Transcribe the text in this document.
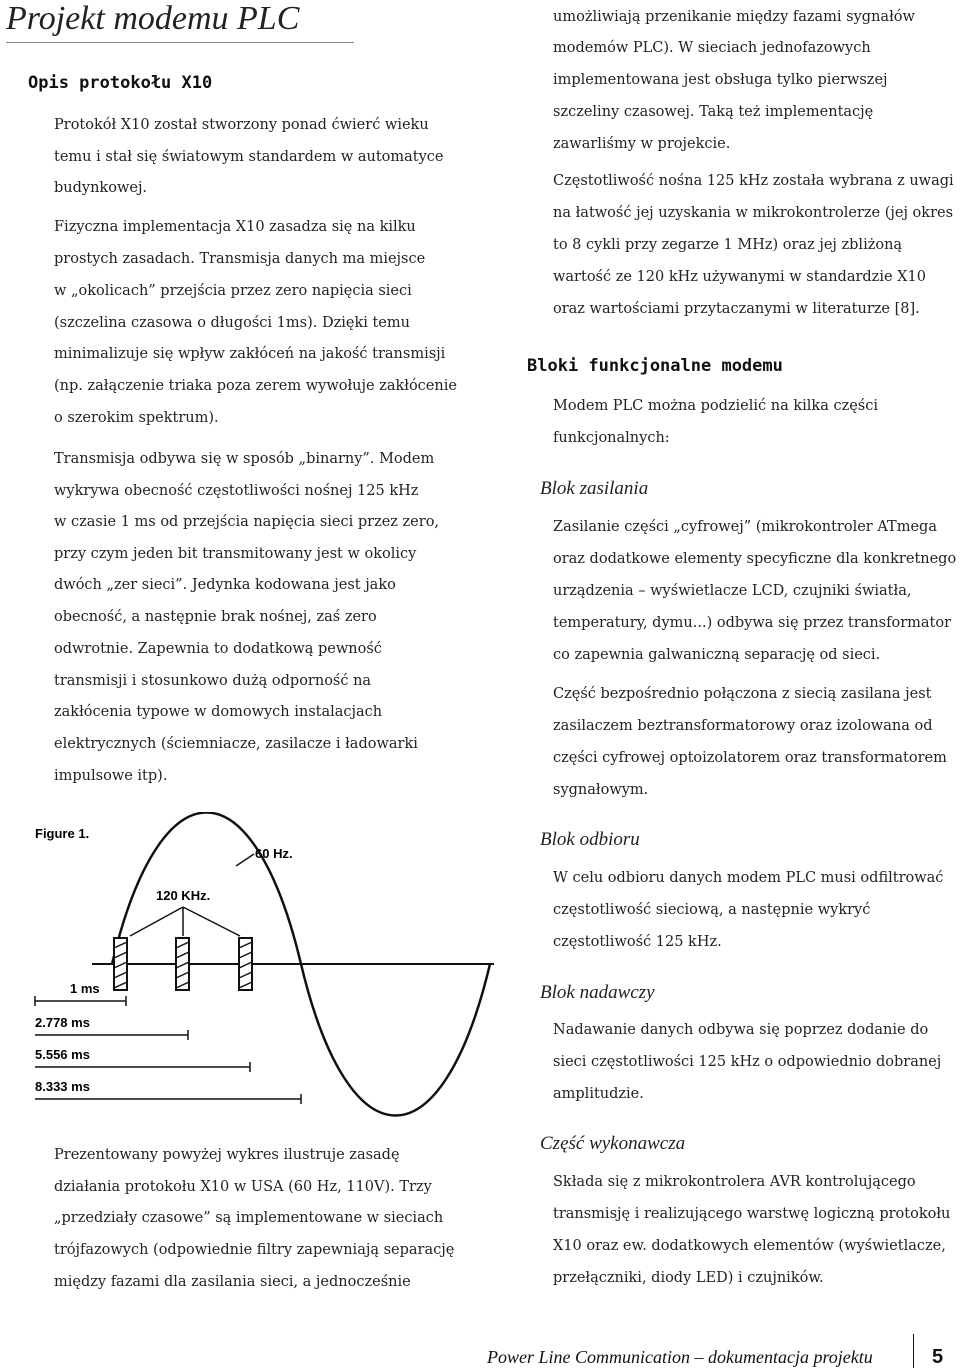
Projekt modemu PLC
Opis protokołu X10
Protokół X10 został stworzony ponad ćwierć wieku
temu i stał się światowym standardem w automatyce
budynkowej.
Fizyczna implementacja X10 zasadza się na kilku
prostych zasadach. Transmisja danych ma miejsce
w „okolicach” przejścia przez zero napięcia sieci
(szczelina czasowa o długości 1ms). Dzięki temu
minimalizuje się wpływ zakłóceń na jakość transmisji
(np. załączenie triaka poza zerem wywołuje zakłócenie
o szerokim spektrum).
Transmisja odbywa się w sposób „binarny”. Modem
wykrywa obecność częstotliwości nośnej 125 kHz
w czasie 1 ms od przejścia napięcia sieci przez zero,
przy czym jeden bit transmitowany jest w okolicy
dwóch „zer sieci”. Jedynka kodowana jest jako
obecność, a następnie brak nośnej, zaś zero
odwrotnie. Zapewnia to dodatkową pewność
transmisji i stosunkowo dużą odporność na
zakłócenia typowe w domowych instalacjach
elektrycznych (ściemniacze, zasilacze i ładowarki
impulsowe itp).
Figure 1.
120 KHz.
60 Hz.
1 ms
2.778 ms
5.556 ms
8.333 ms
Prezentowany powyżej wykres ilustruje zasadę
działania protokołu X10 w USA (60 Hz, 110V). Trzy
„przedziały czasowe” są implementowane w sieciach
trójfazowych (odpowiednie filtry zapewniają separację
między fazami dla zasilania sieci, a jednocześnie
umożliwiają przenikanie między fazami sygnałów
modemów PLC). W sieciach jednofazowych
implementowana jest obsługa tylko pierwszej
szczeliny czasowej. Taką też implementację
zawarliśmy w projekcie.
Częstotliwość nośna 125 kHz została wybrana z uwagi
na łatwość jej uzyskania w mikrokontrolerze (jej okres
to 8 cykli przy zegarze 1 MHz) oraz jej zbliżoną
wartość ze 120 kHz używanymi w standardzie X10
oraz wartościami przytaczanymi w literaturze [8].
Bloki funkcjonalne modemu
Modem PLC można podzielić na kilka części
funkcjonalnych:
Blok zasilania
Zasilanie części „cyfrowej” (mikrokontroler ATmega
oraz dodatkowe elementy specyficzne dla konkretnego
urządzenia – wyświetlacze LCD, czujniki światła,
temperatury, dymu...) odbywa się przez transformator
co zapewnia galwaniczną separację od sieci.
Część bezpośrednio połączona z siecią zasilana jest
zasilaczem beztransformatorowy oraz izolowana od
części cyfrowej optoizolatorem oraz transformatorem
sygnałowym.
Blok odbioru
W celu odbioru danych modem PLC musi odfiltrować
częstotliwość sieciową, a następnie wykryć
częstotliwość 125 kHz.
Blok nadawczy
Nadawanie danych odbywa się poprzez dodanie do
sieci częstotliwości 125 kHz o odpowiednio dobranej
amplitudzie.
Część wykonawcza
Składa się z mikrokontrolera AVR kontrolującego
transmisję i realizującego warstwę logiczną protokołu
X10 oraz ew. dodatkowych elementów (wyświetlacze,
przełączniki, diody LED) i czujników.
Power Line Communication – dokumentacja projektu	5
